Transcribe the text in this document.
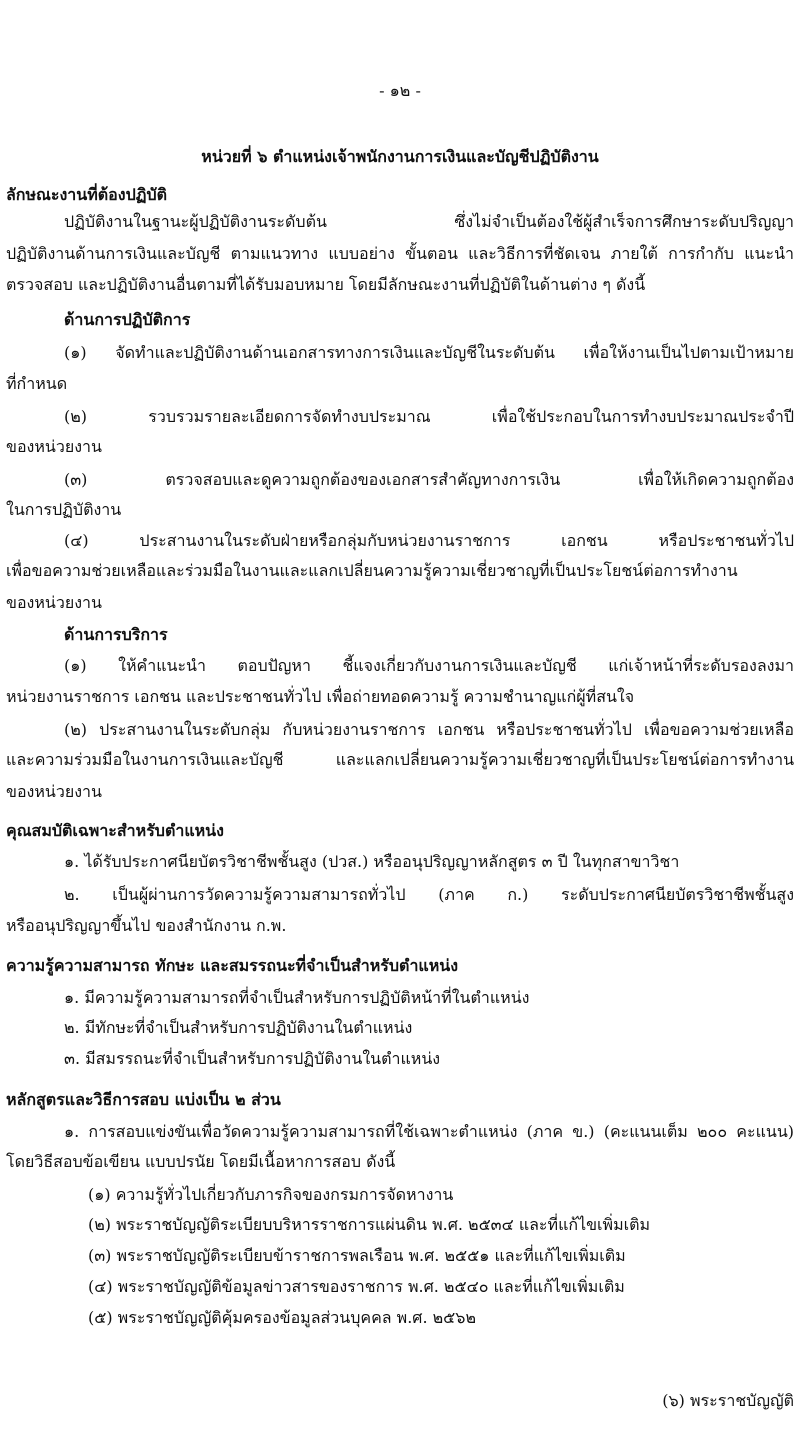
- ๑๒ -
หน่วยที่ ๖ ตำแหน่งเจ้าพนักงานการเงินและบัญชีปฏิบัติงาน
ลักษณะงานที่ต้องปฏิบัติ
ปฏิบัติงานในฐานะผู้ปฏิบัติงานระดับต้น ซึ่งไม่จำเป็นต้องใช้ผู้สำเร็จการศึกษาระดับปริญญา
ปฏิบัติงานด้านการเงินและบัญชี ตามแนวทาง แบบอย่าง ขั้นตอน และวิธีการที่ชัดเจน ภายใต้ การกำกับ แนะนำ
ตรวจสอบ และปฏิบัติงานอื่นตามที่ได้รับมอบหมาย โดยมีลักษณะงานที่ปฏิบัติในด้านต่าง ๆ ดังนี้
ด้านการปฏิบัติการ
(๑) จัดทำและปฏิบัติงานด้านเอกสารทางการเงินและบัญชีในระดับต้น เพื่อให้งานเป็นไปตามเป้าหมาย
ที่กำหนด
(๒) รวบรวมรายละเอียดการจัดทำงบประมาณ เพื่อใช้ประกอบในการทำงบประมาณประจำปี
ของหน่วยงาน
(๓) ตรวจสอบและดูความถูกต้องของเอกสารสำคัญทางการเงิน เพื่อให้เกิดความถูกต้อง
ในการปฏิบัติงาน
(๔) ประสานงานในระดับฝ่ายหรือกลุ่มกับหน่วยงานราชการ เอกชน หรือประชาชนทั่วไป
เพื่อขอความช่วยเหลือและร่วมมือในงานและแลกเปลี่ยนความรู้ความเชี่ยวชาญที่เป็นประโยชน์ต่อการทำงาน
ของหน่วยงาน
ด้านการบริการ
(๑) ให้คำแนะนำ ตอบปัญหา ชี้แจงเกี่ยวกับงานการเงินและบัญชี แก่เจ้าหน้าที่ระดับรองลงมา
หน่วยงานราชการ เอกชน และประชาชนทั่วไป เพื่อถ่ายทอดความรู้ ความชำนาญแก่ผู้ที่สนใจ
(๒) ประสานงานในระดับกลุ่ม กับหน่วยงานราชการ เอกชน หรือประชาชนทั่วไป เพื่อขอความช่วยเหลือ
และความร่วมมือในงานการเงินและบัญชี และแลกเปลี่ยนความรู้ความเชี่ยวชาญที่เป็นประโยชน์ต่อการทำงาน
ของหน่วยงาน
คุณสมบัติเฉพาะสำหรับตำแหน่ง
๑. ได้รับประกาศนียบัตรวิชาชีพชั้นสูง (ปวส.) หรืออนุปริญญาหลักสูตร ๓ ปี ในทุกสาขาวิชา
๒. เป็นผู้ผ่านการวัดความรู้ความสามารถทั่วไป (ภาค ก.) ระดับประกาศนียบัตรวิชาชีพชั้นสูง
หรืออนุปริญญาขึ้นไป ของสำนักงาน ก.พ.
ความรู้ความสามารถ ทักษะ และสมรรถนะที่จำเป็นสำหรับตำแหน่ง
๑. มีความรู้ความสามารถที่จำเป็นสำหรับการปฏิบัติหน้าที่ในตำแหน่ง
๒. มีทักษะที่จำเป็นสำหรับการปฏิบัติงานในตำแหน่ง
๓. มีสมรรถนะที่จำเป็นสำหรับการปฏิบัติงานในตำแหน่ง
หลักสูตรและวิธีการสอบ แบ่งเป็น ๒ ส่วน
๑. การสอบแข่งขันเพื่อวัดความรู้ความสามารถที่ใช้เฉพาะตำแหน่ง (ภาค ข.) (คะแนนเต็ม ๒๐๐ คะแนน)
โดยวิธีสอบข้อเขียน แบบปรนัย โดยมีเนื้อหาการสอบ ดังนี้
(๑) ความรู้ทั่วไปเกี่ยวกับภารกิจของกรมการจัดหางาน
(๒) พระราชบัญญัติระเบียบบริหารราชการแผ่นดิน พ.ศ. ๒๕๓๔ และที่แก้ไขเพิ่มเติม
(๓) พระราชบัญญัติระเบียบข้าราชการพลเรือน พ.ศ. ๒๕๕๑ และที่แก้ไขเพิ่มเติม
(๔) พระราชบัญญัติข้อมูลข่าวสารของราชการ พ.ศ. ๒๕๔๐ และที่แก้ไขเพิ่มเติม
(๕) พระราชบัญญัติคุ้มครองข้อมูลส่วนบุคคล พ.ศ. ๒๕๖๒
(๖) พระราชบัญญัติ
